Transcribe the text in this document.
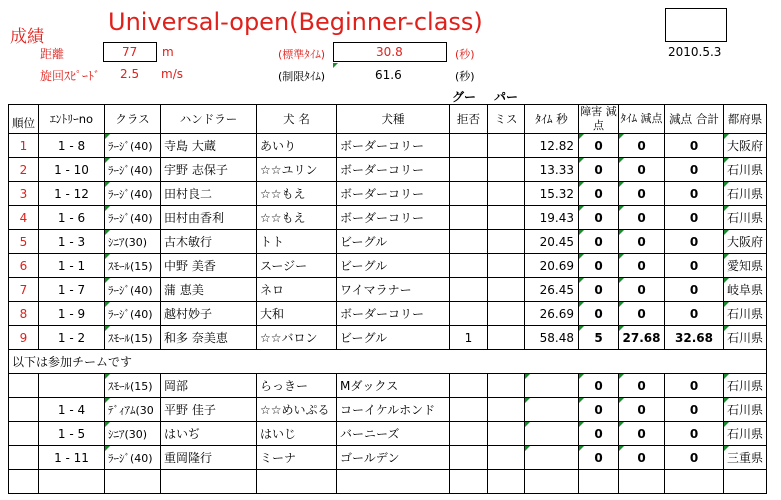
成績
Universal-open(Beginner-class)
距離	77 m
旋回ｽﾋﾟｰﾄﾞ 2.5 m/s
(標準ﾀｲﾑ)	30.8	(秒)
(制限ﾀｲﾑ)	61.6	(秒)
2010.5.3
グー パー
順位	ｴﾝﾄﾘｰno	クラス	ハンドラー	犬 名	犬種	拒否	ミス	ﾀｲﾑ 秒	障害 減点	ﾀｲﾑ 減点	減点 合計	都府県
1	1 - 8	ﾗｰｼﾞ(40)	寺島 大蔵	あいり	ボーダーコリー			12.82	0	0	0	大阪府

2	1 - 10	ﾗｰｼﾞ(40)	宇野 志保子	☆☆ユリン	ボーダーコリー			13.33	0	0	0	石川県

3	1 - 12	ﾗｰｼﾞ(40)	田村良二	☆☆もえ	ボーダーコリー			15.32	0	0	0	石川県

4	1 - 6	ﾗｰｼﾞ(40)	田村由香利	☆☆もえ	ボーダーコリー			19.43	0	0	0	石川県

5	1 - 3	ｼﾆｱ(30)	古木敏行	トト	ビーグル			20.45	0	0	0	大阪府

6	1 - 1	ｽﾓｰﾙ(15)	中野 美香	スージー	ビーグル			20.69	0	0	0	愛知県

7	1 - 7	ﾗｰｼﾞ(40)	蒲 恵美	ネロ	ワイマラナー			26.45	0	0	0	岐阜県

8	1 - 9	ﾗｰｼﾞ(40)	越村妙子	大和	ボーダーコリー			26.69	0	0	0	石川県

9	1 - 2	ｽﾓｰﾙ(15)	和多 奈美恵	☆☆バロン	ビーグル	1		58.48	5	27.68	32.68	石川県

以下は参加チームです												
		ｽﾓｰﾙ(15)	岡部	らっきー	Mダックス				0	0	0	石川県

	1 - 4	ﾃﾞｨｱﾑ(30	平野 佳子	☆☆めいぷる	コーイケルホンド				0	0	0	石川県

	1 - 5	ｼﾆｱ(30)	はいぢ	はいじ	バーニーズ				0	0	0	石川県

	1 - 11	ﾗｰｼﾞ(40)	重岡隆行	ミーナ	ゴールデン				0	0	0	三重県
